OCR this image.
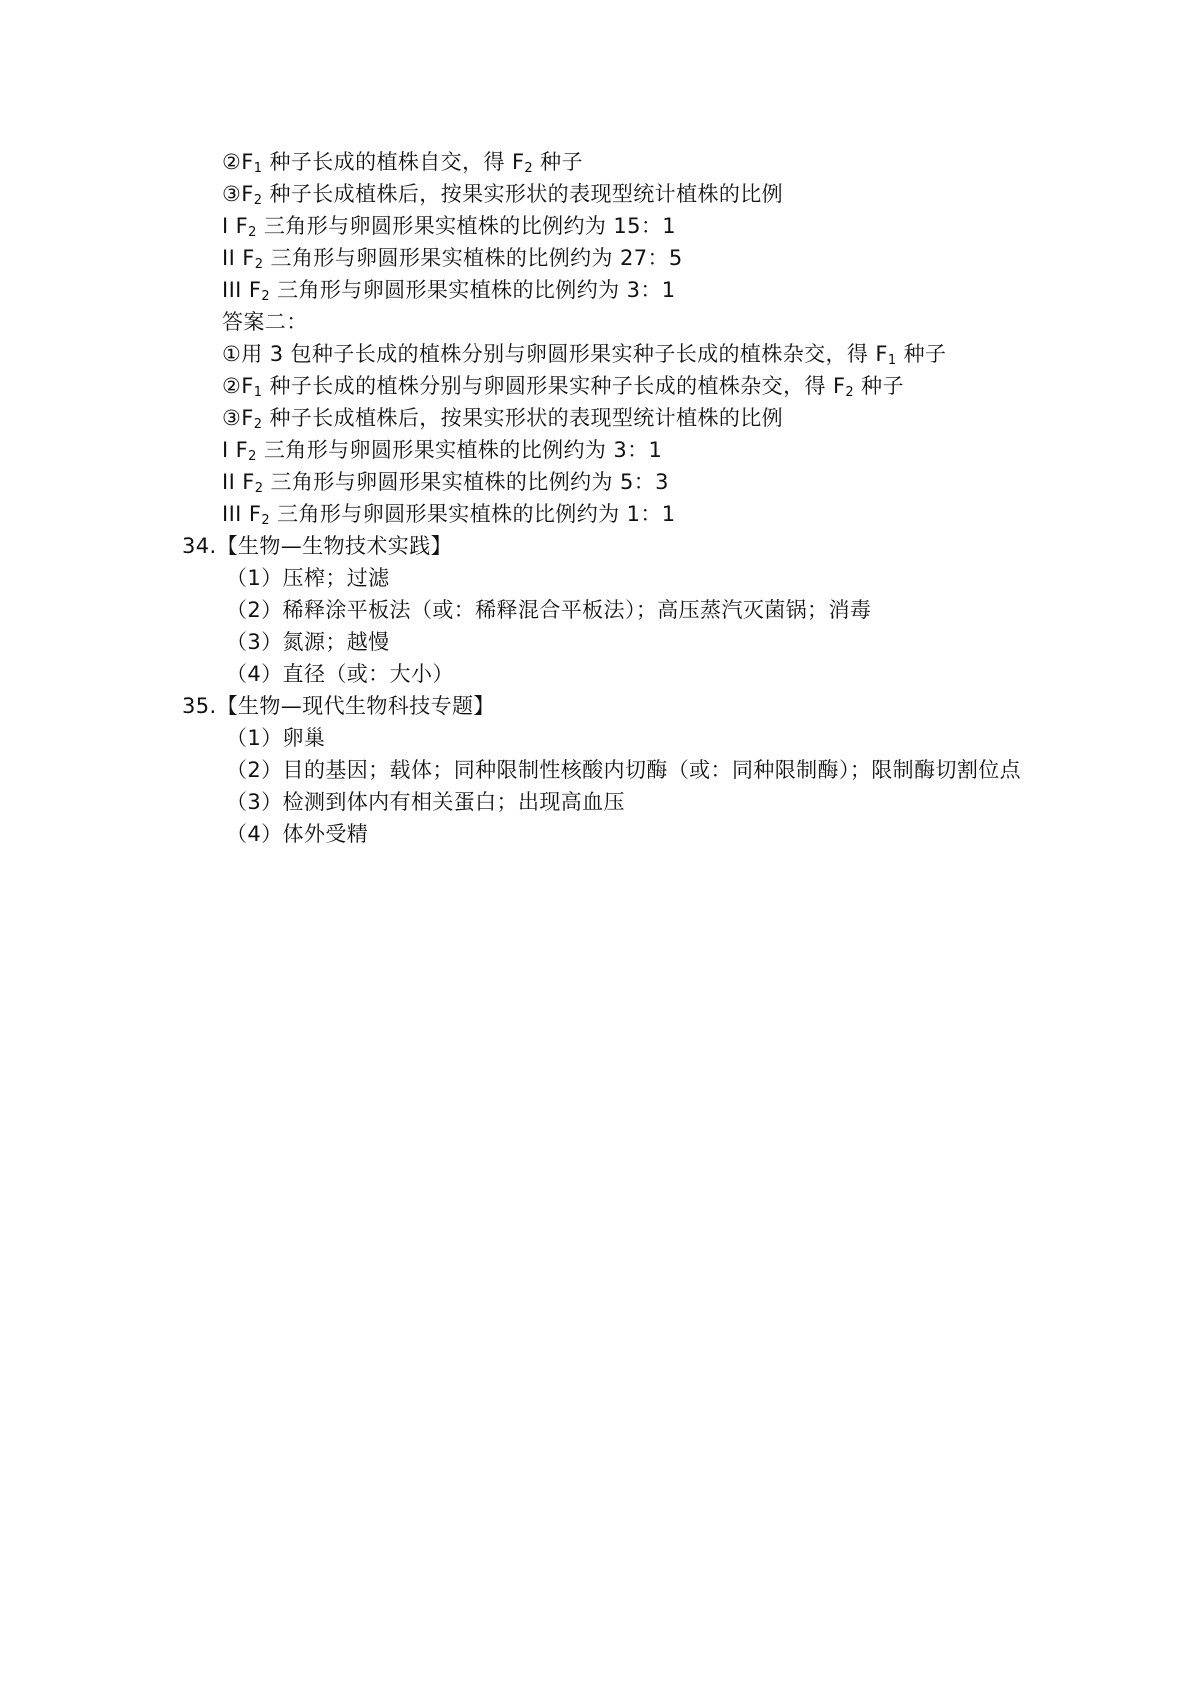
$②F_1$ 种子长成的植株自交，得 $F_2$ 种子
$③F_2$ 种子长成植株后，按果实形状的表现型统计植株的比例
I $F_2$ 三角形与卵圆形果实植株的比例约为 15：1
II $F_2$ 三角形与卵圆形果实植株的比例约为 27：5
III $F_2$ 三角形与卵圆形果实植株的比例约为 3：1
答案二：
①用 3 包种子长成的植株分别与卵圆形果实种子长成的植株杂交，得 $F_1$ 种子
$②F_1$ 种子长成的植株分别与卵圆形果实种子长成的植株杂交，得 $F_2$ 种子
$③F_2$ 种子长成植株后，按果实形状的表现型统计植株的比例
I $F_2$ 三角形与卵圆形果实植株的比例约为 3：1
II $F_2$ 三角形与卵圆形果实植株的比例约为 5：3
III $F_2$ 三角形与卵圆形果实植株的比例约为 1：1
34.【生物—生物技术实践】
（1）压榨；过滤
（2）稀释涂平板法（或：稀释混合平板法）；高压蒸汽灭菌锅；消毒
（3）氮源；越慢
（4）直径（或：大小）
35.【生物—现代生物科技专题】
（1）卵巢
（2）目的基因；载体；同种限制性核酸内切酶（或：同种限制酶）；限制酶切割位点
（3）检测到体内有相关蛋白；出现高血压
（4）体外受精
